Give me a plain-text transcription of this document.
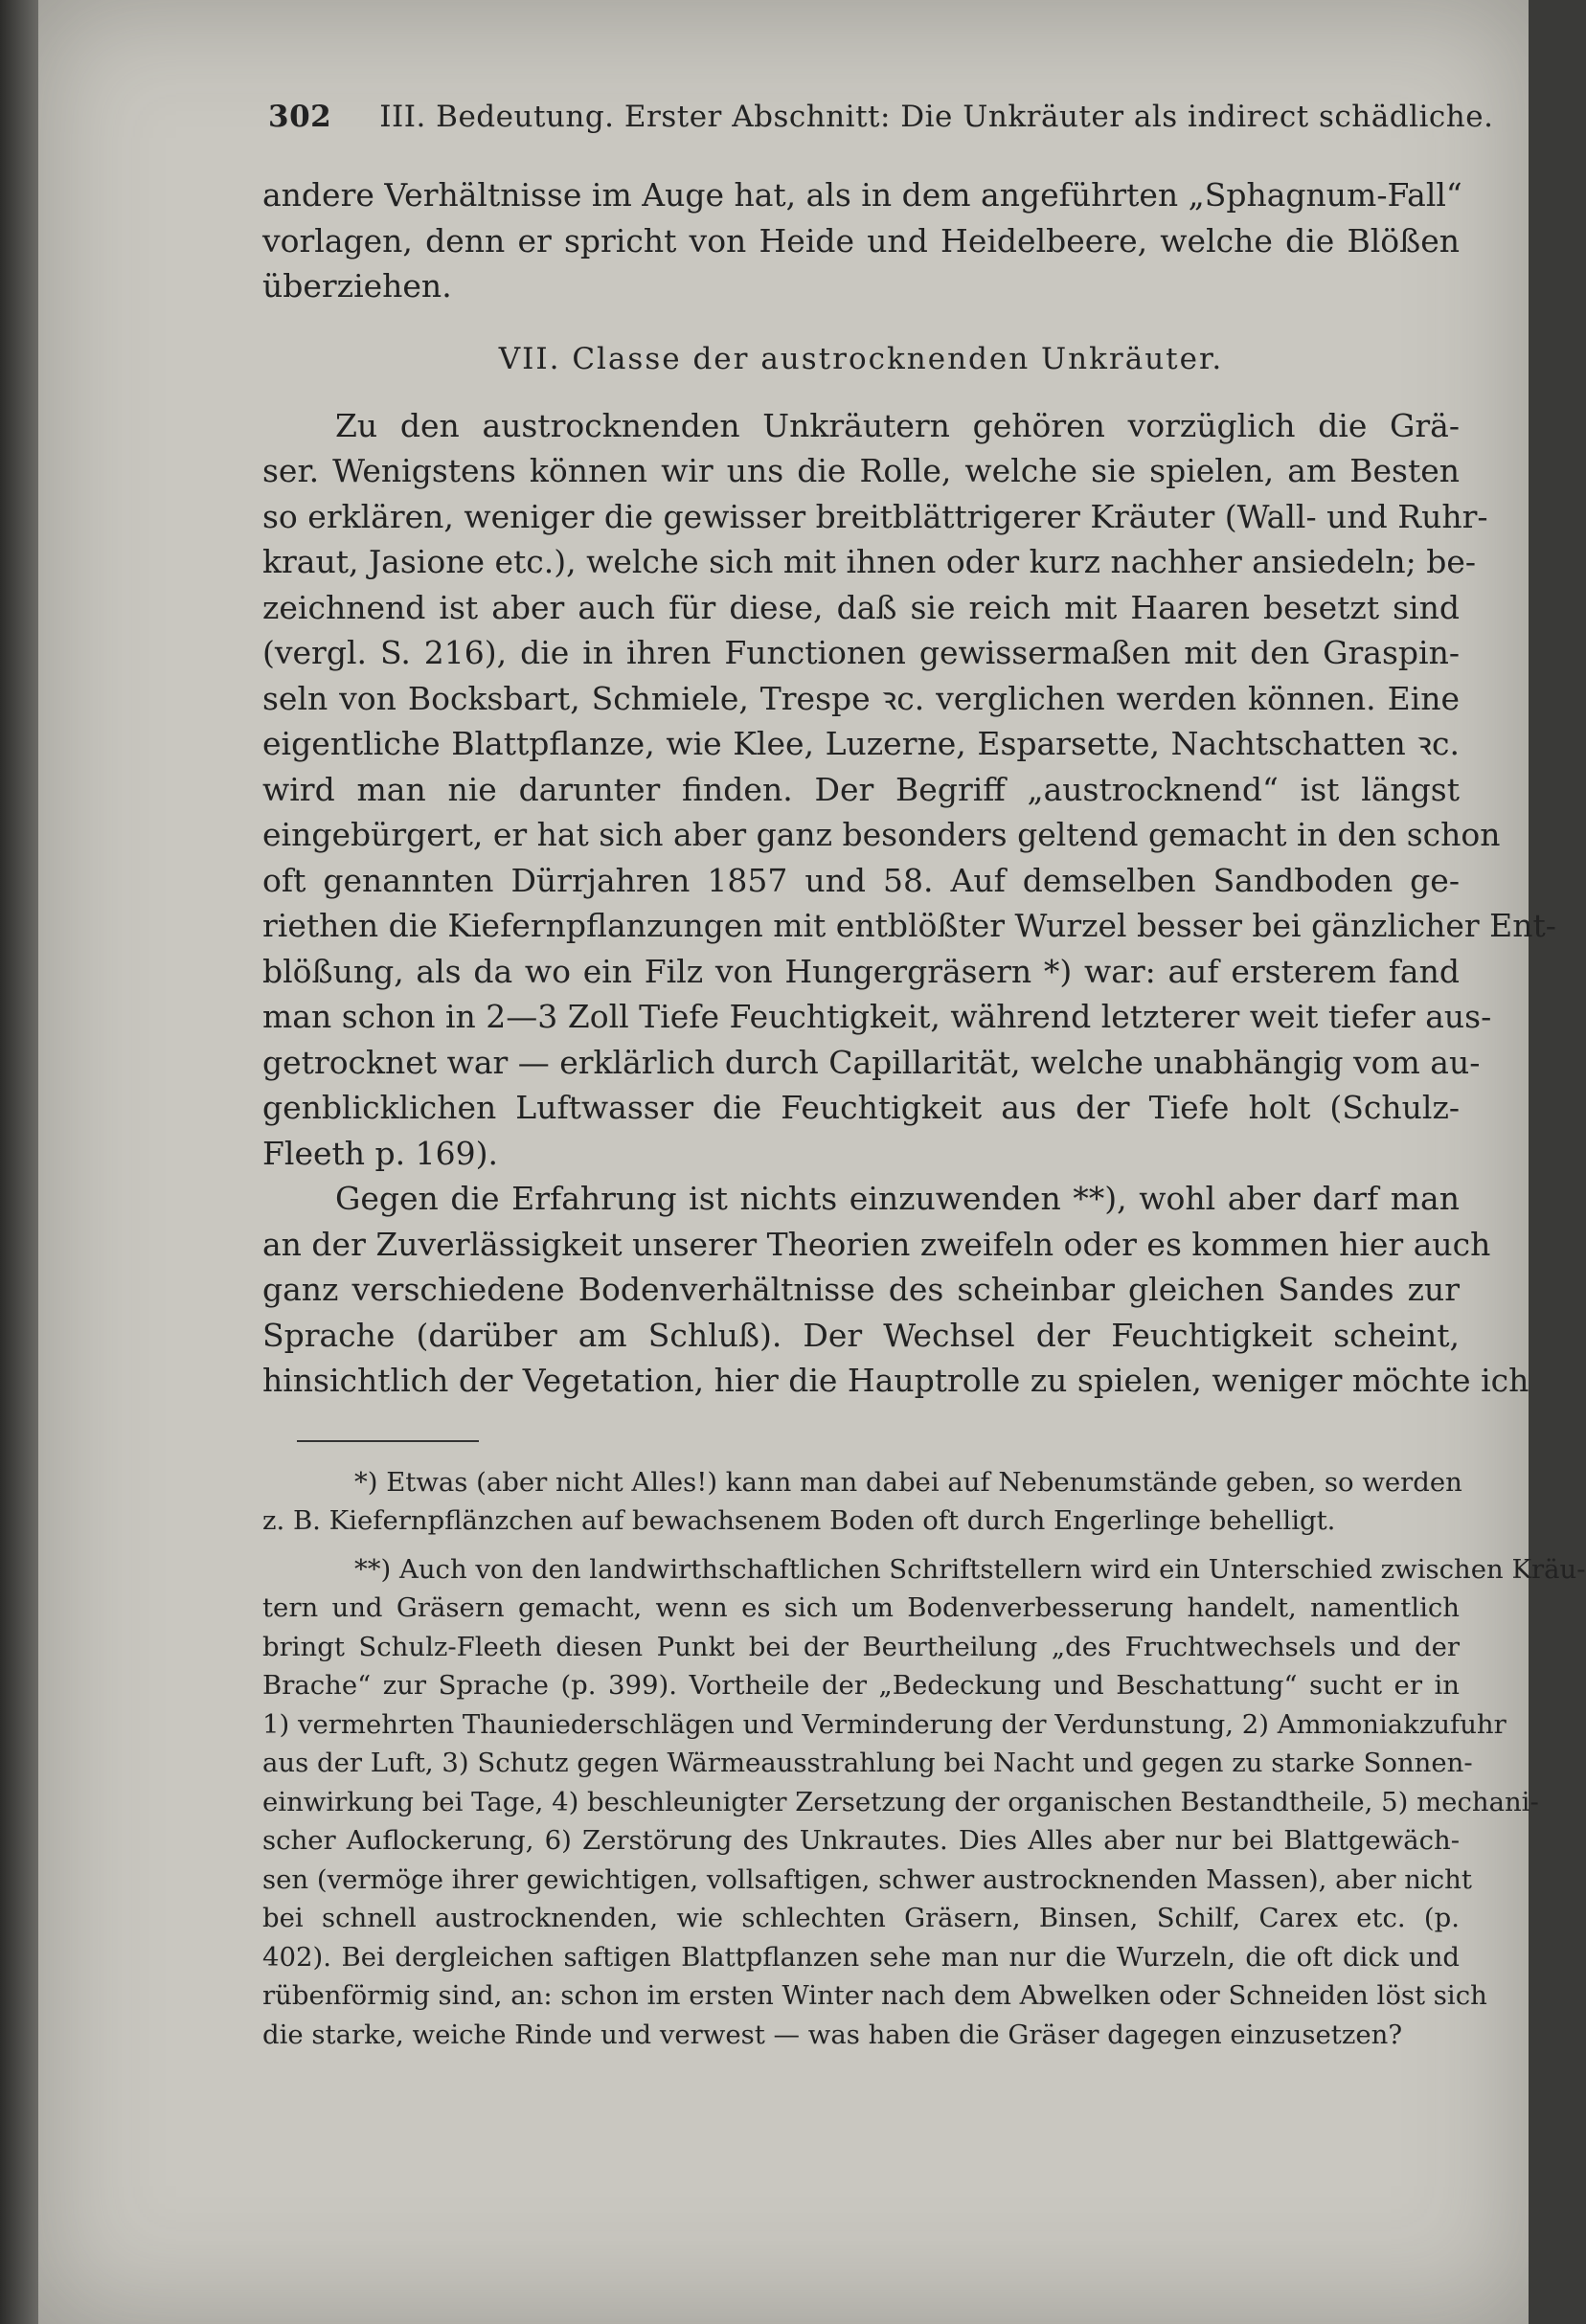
302 III. Bedeutung. Erster Abschnitt: Die Unkräuter als indirect schädliche.
andere Verhältnisse im Auge hat, als in dem angeführten „Sphagnum-Fall“
vorlagen, denn er spricht von Heide und Heidelbeere, welche die Blößen
überziehen.
VII. Classe der austrocknenden Unkräuter.
Zu den austrocknenden Unkräutern gehören vorzüglich die Grä-
ser. Wenigstens können wir uns die Rolle, welche sie spielen, am Besten
so erklären, weniger die gewisser breitblättrigerer Kräuter (Wall- und Ruhr-
kraut, Jasione etc.), welche sich mit ihnen oder kurz nachher ansiedeln; be-
zeichnend ist aber auch für diese, daß sie reich mit Haaren besetzt sind
(vergl. S. 216), die in ihren Functionen gewissermaßen mit den Graspin-
seln von Bocksbart, Schmiele, Trespe ꝛc. verglichen werden können. Eine
eigentliche Blattpflanze, wie Klee, Luzerne, Esparsette, Nachtschatten ꝛc.
wird man nie darunter finden. Der Begriff „austrocknend“ ist längst
eingebürgert, er hat sich aber ganz besonders geltend gemacht in den schon
oft genannten Dürrjahren 1857 und 58. Auf demselben Sandboden ge-
riethen die Kiefernpflanzungen mit entblößter Wurzel besser bei gänzlicher Ent-
blößung, als da wo ein Filz von Hungergräsern *) war: auf ersterem fand
man schon in 2—3 Zoll Tiefe Feuchtigkeit, während letzterer weit tiefer aus-
getrocknet war — erklärlich durch Capillarität, welche unabhängig vom au-
genblicklichen Luftwasser die Feuchtigkeit aus der Tiefe holt (Schulz-
Fleeth p. 169).
Gegen die Erfahrung ist nichts einzuwenden **), wohl aber darf man
an der Zuverlässigkeit unserer Theorien zweifeln oder es kommen hier auch
ganz verschiedene Bodenverhältnisse des scheinbar gleichen Sandes zur
Sprache (darüber am Schluß). Der Wechsel der Feuchtigkeit scheint,
hinsichtlich der Vegetation, hier die Hauptrolle zu spielen, weniger möchte ich
*) Etwas (aber nicht Alles!) kann man dabei auf Nebenumstände geben, so werden
z. B. Kiefernpflänzchen auf bewachsenem Boden oft durch Engerlinge behelligt.
**) Auch von den landwirthschaftlichen Schriftstellern wird ein Unterschied zwischen Kräu-
tern und Gräsern gemacht, wenn es sich um Bodenverbesserung handelt, namentlich
bringt Schulz-Fleeth diesen Punkt bei der Beurtheilung „des Fruchtwechsels und der
Brache“ zur Sprache (p. 399). Vortheile der „Bedeckung und Beschattung“ sucht er in
1) vermehrten Thauniederschlägen und Verminderung der Verdunstung, 2) Ammoniakzufuhr
aus der Luft, 3) Schutz gegen Wärmeausstrahlung bei Nacht und gegen zu starke Sonnen-
einwirkung bei Tage, 4) beschleunigter Zersetzung der organischen Bestandtheile, 5) mechani-
scher Auflockerung, 6) Zerstörung des Unkrautes. Dies Alles aber nur bei Blattgewäch-
sen (vermöge ihrer gewichtigen, vollsaftigen, schwer austrocknenden Massen), aber nicht
bei schnell austrocknenden, wie schlechten Gräsern, Binsen, Schilf, Carex etc. (p.
402). Bei dergleichen saftigen Blattpflanzen sehe man nur die Wurzeln, die oft dick und
rübenförmig sind, an: schon im ersten Winter nach dem Abwelken oder Schneiden löst sich
die starke, weiche Rinde und verwest — was haben die Gräser dagegen einzusetzen?
